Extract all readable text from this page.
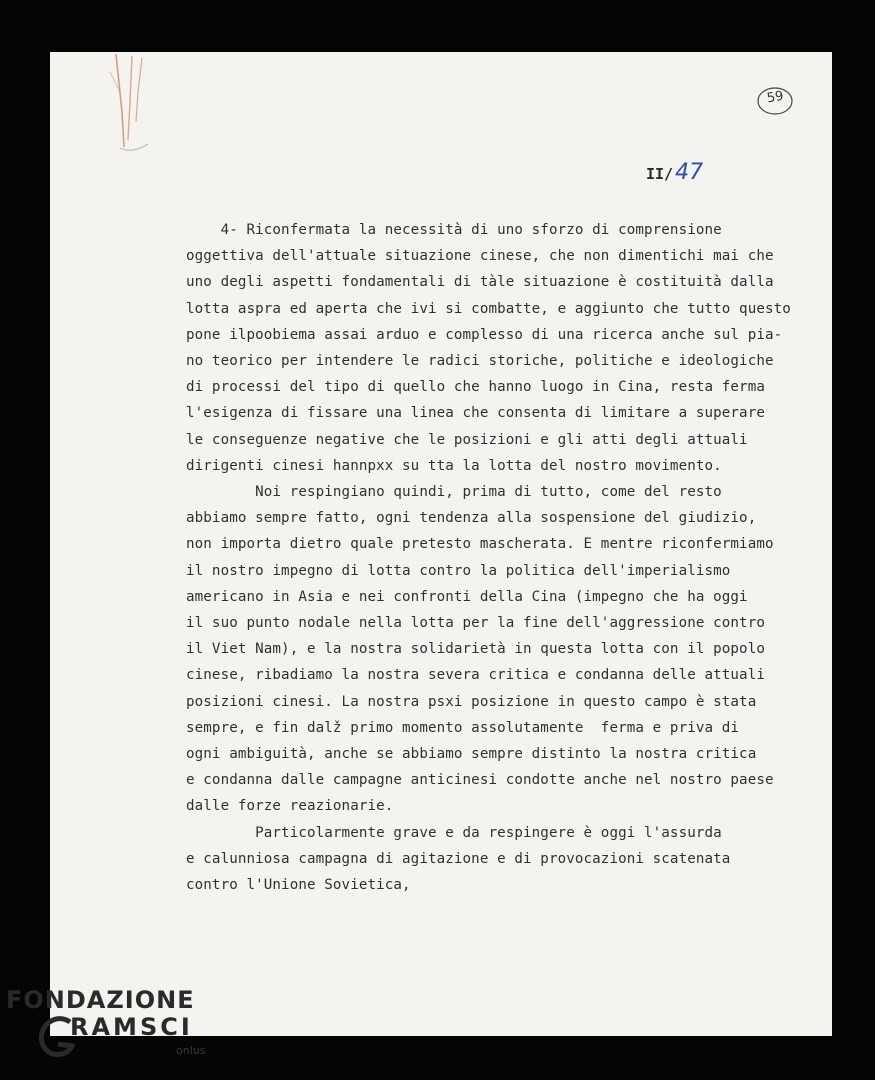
59
II/47
4- Riconfermata la necessità di uno sforzo di comprensione
oggettiva dell'attuale situazione cinese, che non dimentichi mai che
uno degli aspetti fondamentali di tàle situazione è costituità dalla
lotta aspra ed aperta che ivi si combatte, e aggiunto che tutto questo
pone ilpoobiema assai arduo e complesso di una ricerca anche sul pia-
no teorico per intendere le radici storiche, politiche e ideologiche
di processi del tipo di quello che hanno luogo in Cina, resta ferma
l'esigenza di fissare una linea che consenta di limitare a superare
le conseguenze negative che le posizioni e gli atti degli attuali
dirigenti cinesi hannpxx su tta la lotta del nostro movimento.
Noi respingiano quindi, prima di tutto, come del resto
abbiamo sempre fatto, ogni tendenza alla sospensione del giudizio,
non importa dietro quale pretesto mascherata. E mentre riconfermiamo
il nostro impegno di lotta contro la politica dell'imperialismo
americano in Asia e nei confronti della Cina (impegno che ha oggi
il suo punto nodale nella lotta per la fine dell'aggressione contro
il Viet Nam), e la nostra solidarietà in questa lotta con il popolo
cinese, ribadiamo la nostra severa critica e condanna delle attuali
posizioni cinesi. La nostra psxi posizione in questo campo è stata
sempre, e fin dalž primo momento assolutamente  ferma e priva di
ogni ambiguità, anche se abbiamo sempre distinto la nostra critica
e condanna dalle campagne anticinesi condotte anche nel nostro paese
dalle forze reazionarie.
Particolarmente grave e da respingere è oggi l'assurda
e calunniosa campagna di agitazione e di provocazioni scatenata
contro l'Unione Sovietica,
FONDAZIONE
RAMSCI
onlus
